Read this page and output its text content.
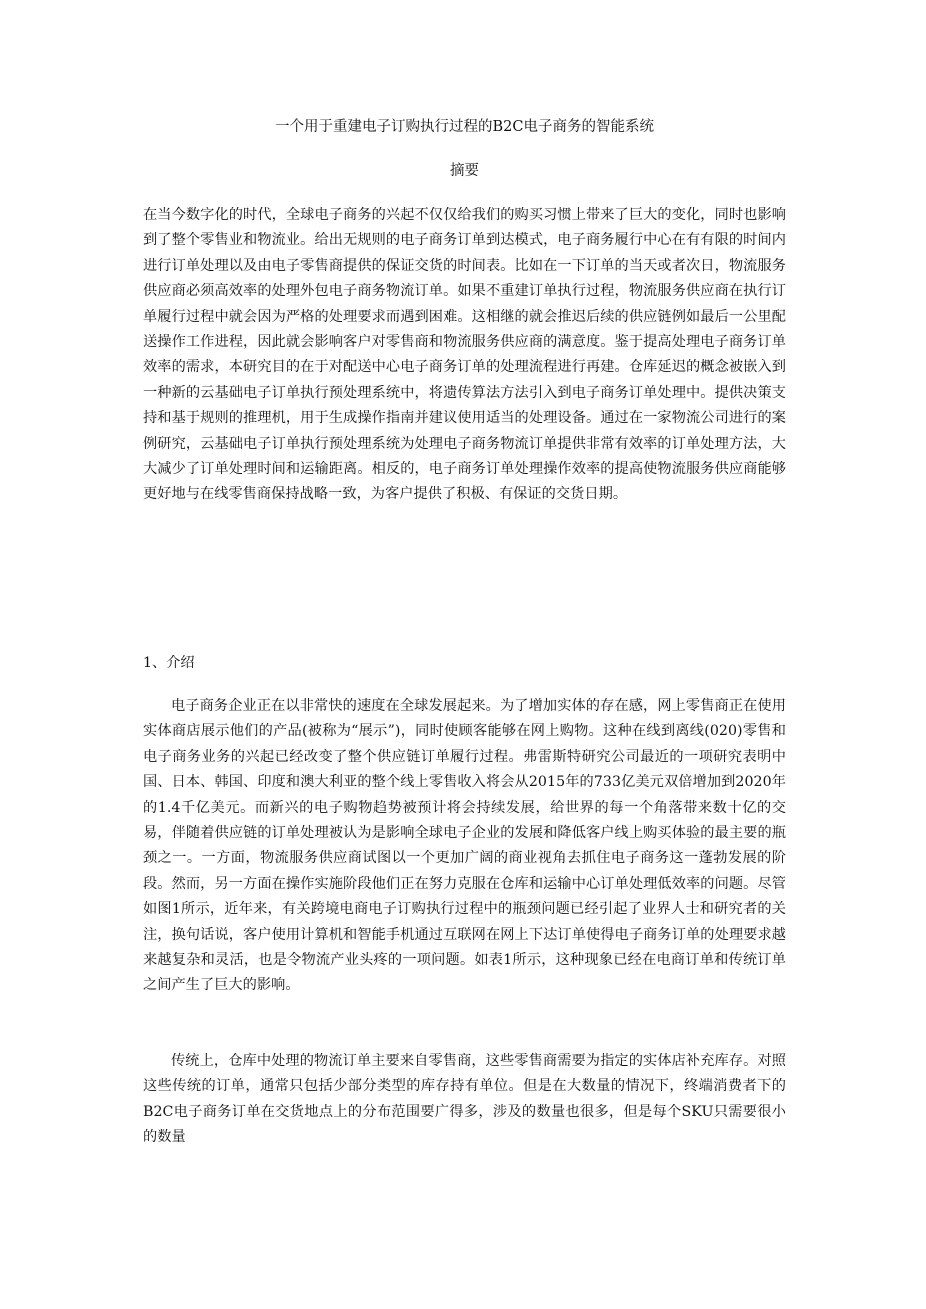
一个用于重建电子订购执行过程的B2C电子商务的智能系统
摘要

在当今数字化的时代，全球电子商务的兴起不仅仅给我们的购买习惯上带来了巨大的变化，同时也影响到了整个零售业和物流业。给出无规则的电子商务订单到达模式，电子商务履行中心在有有限的时间内进行订单处理以及由电子零售商提供的保证交货的时间表。比如在一下订单的当天或者次日，物流服务供应商必须高效率的处理外包电子商务物流订单。如果不重建订单执行过程，物流服务供应商在执行订单履行过程中就会因为严格的处理要求而遇到困难。这相继的就会推迟后续的供应链例如最后一公里配送操作工作进程，因此就会影响客户对零售商和物流服务供应商的满意度。鉴于提高处理电子商务订单效率的需求，本研究目的在于对配送中心电子商务订单的处理流程进行再建。仓库延迟的概念被嵌入到一种新的云基础电子订单执行预处理系统中，将遗传算法方法引入到电子商务订单处理中。提供决策支持和基于规则的推理机，用于生成操作指南并建议使用适当的处理设备。通过在一家物流公司进行的案例研究，云基础电子订单执行预处理系统为处理电子商务物流订单提供非常有效率的订单处理方法，大大减少了订单处理时间和运输距离。相反的，电子商务订单处理操作效率的提高使物流服务供应商能够更好地与在线零售商保持战略一致，为客户提供了积极、有保证的交货日期。

1、介绍

电子商务企业正在以非常快的速度在全球发展起来。为了增加实体的存在感，网上零售商正在使用实体商店展示他们的产品(被称为“展示”)，同时使顾客能够在网上购物。这种在线到离线(020)零售和电子商务业务的兴起已经改变了整个供应链订单履行过程。弗雷斯特研究公司最近的一项研究表明中国、日本、韩国、印度和澳大利亚的整个线上零售收入将会从2015年的733亿美元双倍增加到2020年的1.4千亿美元。而新兴的电子购物趋势被预计将会持续发展，给世界的每一个角落带来数十亿的交易，伴随着供应链的订单处理被认为是影响全球电子企业的发展和降低客户线上购买体验的最主要的瓶颈之一。一方面，物流服务供应商试图以一个更加广阔的商业视角去抓住电子商务这一蓬勃发展的阶段。然而，另一方面在操作实施阶段他们正在努力克服在仓库和运输中心订单处理低效率的问题。尽管如图1所示，近年来，有关跨境电商电子订购执行过程中的瓶颈问题已经引起了业界人士和研究者的关注，换句话说，客户使用计算机和智能手机通过互联网在网上下达订单使得电子商务订单的处理要求越来越复杂和灵活，也是令物流产业头疼的一项问题。如表1所示，这种现象已经在电商订单和传统订单之间产生了巨大的影响。

传统上，仓库中处理的物流订单主要来自零售商，这些零售商需要为指定的实体店补充库存。对照这些传统的订单，通常只包括少部分类型的库存持有单位。但是在大数量的情况下，终端消费者下的B2C电子商务订单在交货地点上的分布范围要广得多，涉及的数量也很多，但是每个SKU只需要很小的数量
